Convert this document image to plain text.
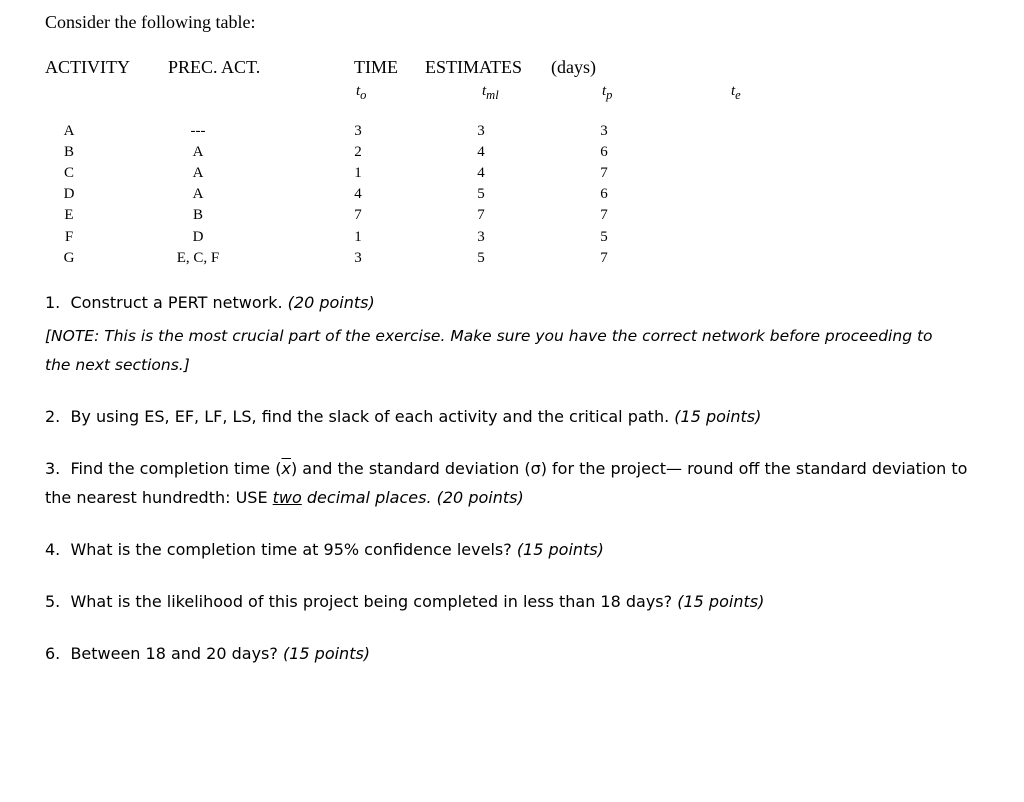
Consider the following table:
ACTIVITY PREC. ACT.	TIME ESTIMATES (days)
$t_o$	$t_{ml}$	$t_p$	$t_e$
A	---	3	3	3
B	A	2	4	6
C	A	1	4	7
D	A	4	5	6
E	B	7	7	7
F	D	1	3	5
G	E, C, F	3	5	7
1. Construct a PERT network. (20 points)
[NOTE: This is the most crucial part of the exercise. Make sure you have the correct network before proceeding to
the next sections.]
2. By using ES, EF, LF, LS, find the slack of each activity and the critical path. (15 points)
3. Find the completion time $(\overline{x})$ and the standard deviation (σ) for the project— round off the standard deviation to
the nearest hundredth: USE two decimal places. (20 points)
4. What is the completion time at 95% confidence levels? (15 points)
5. What is the likelihood of this project being completed in less than 18 days? (15 points)
6. Between 18 and 20 days? (15 points)
